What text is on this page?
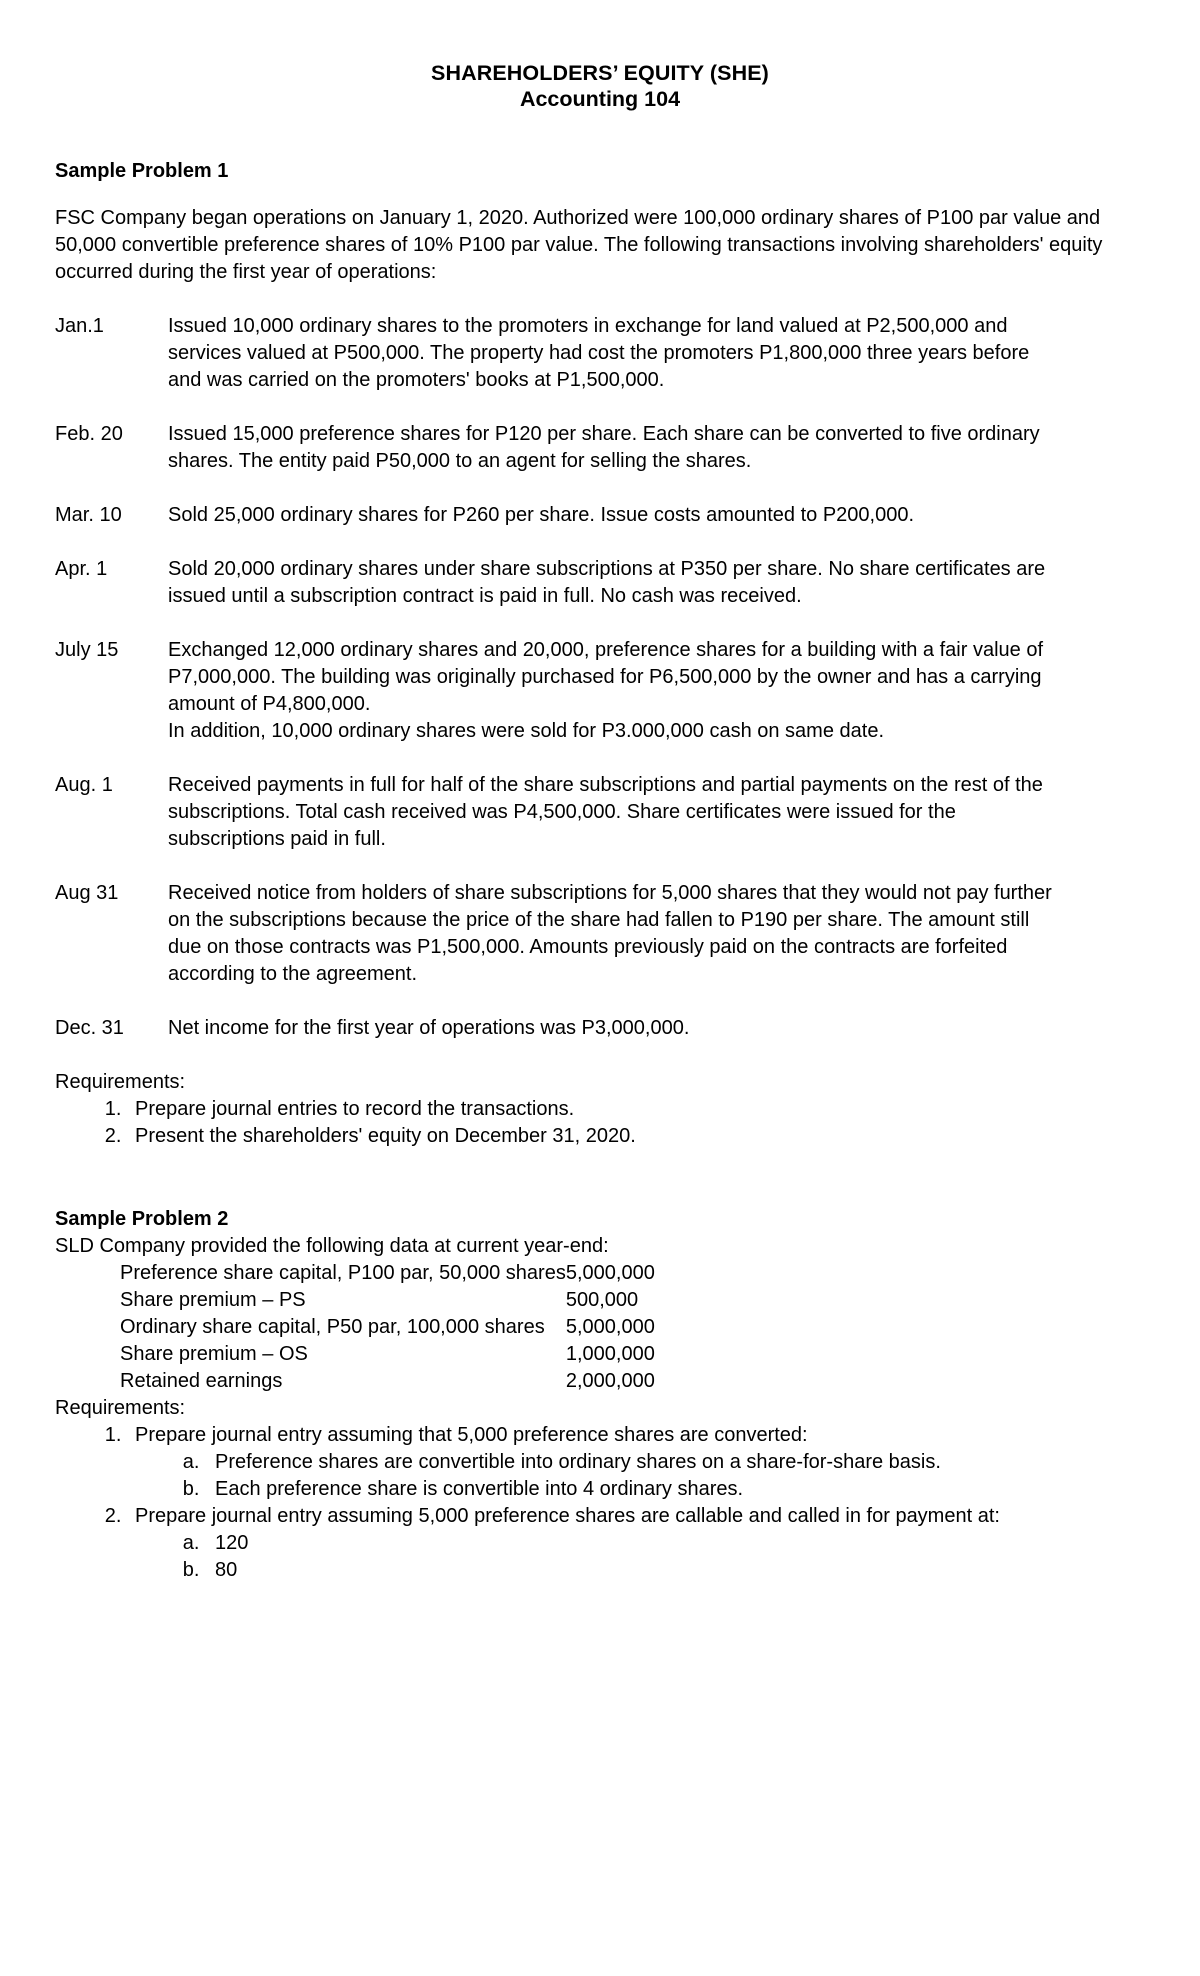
SHAREHOLDERS’ EQUITY (SHE)
Accounting 104
Sample Problem 1

FSC Company began operations on January 1, 2020. Authorized were 100,000 ordinary shares of P100 par value and 50,000 convertible preference shares of 10% P100 par value. The following transactions involving shareholders' equity occurred during the first year of operations:

Jan.1	Issued 10,000 ordinary shares to the promoters in exchange for land valued at P2,500,000 and services valued at P500,000. The property had cost the promoters P1,800,000 three years before and was carried on the promoters' books at P1,500,000.
Feb. 20	Issued 15,000 preference shares for P120 per share. Each share can be converted to five ordinary shares. The entity paid P50,000 to an agent for selling the shares.
Mar. 10	Sold 25,000 ordinary shares for P260 per share. Issue costs amounted to P200,000.
Apr. 1	Sold 20,000 ordinary shares under share subscriptions at P350 per share. No share certificates are issued until a subscription contract is paid in full. No cash was received.
July 15	Exchanged 12,000 ordinary shares and 20,000, preference shares for a building with a fair value of P7,000,000. The building was originally purchased for P6,500,000 by the owner and has a carrying amount of P4,800,000.
In addition, 10,000 ordinary shares were sold for P3.000,000 cash on same date.
Aug. 1	Received payments in full for half of the share subscriptions and partial payments on the rest of the subscriptions. Total cash received was P4,500,000. Share certificates were issued for the subscriptions paid in full.
Aug 31	Received notice from holders of share subscriptions for 5,000 shares that they would not pay further on the subscriptions because the price of the share had fallen to P190 per share. The amount still due on those contracts was P1,500,000. Amounts previously paid on the contracts are forfeited according to the agreement.
Dec. 31	Net income for the first year of operations was P3,000,000.
Requirements:
1. Prepare journal entries to record the transactions.
2. Present the shareholders' equity on December 31, 2020.
Sample Problem 2
SLD Company provided the following data at current year-end:
Preference share capital, P100 par, 50,000 shares	5,000,000
Share premium – PS	500,000
Ordinary share capital, P50 par, 100,000 shares	5,000,000
Share premium – OS	1,000,000
Retained earnings	2,000,000
Requirements:
1. Prepare journal entry assuming that 5,000 preference shares are converted:
a. Preference shares are convertible into ordinary shares on a share-for-share basis.
b. Each preference share is convertible into 4 ordinary shares.
2. Prepare journal entry assuming 5,000 preference shares are callable and called in for payment at:
a. 120
b. 80
